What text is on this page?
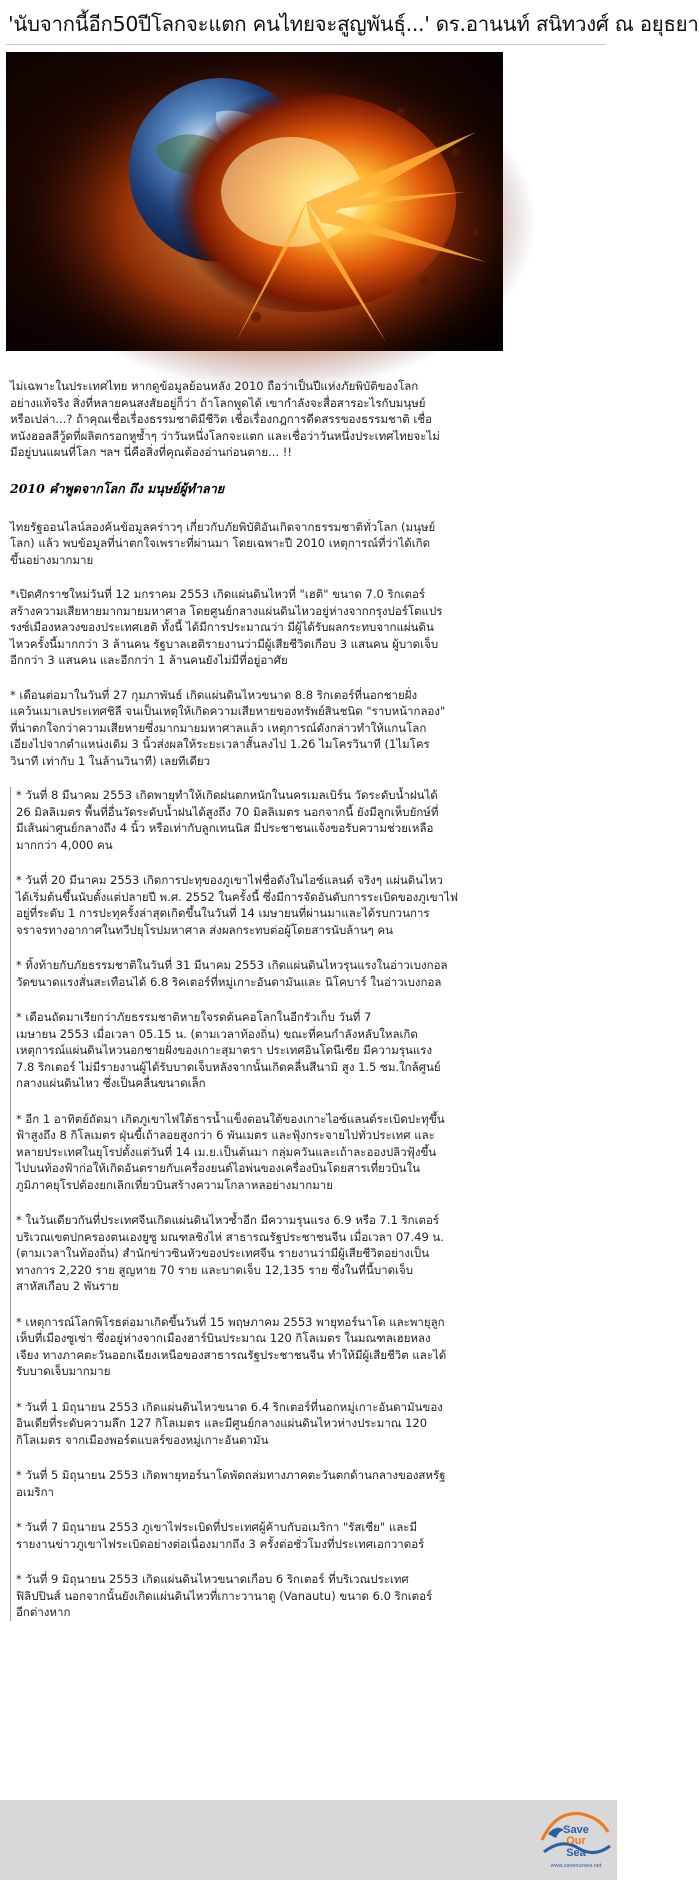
'นับจากนี้อีก50ปีโลกจะแตก คนไทยจะสูญพันธุ์...' ดร.อานนท์ สนิทวงศ์ ณ อยุธยา
ไม่เฉพาะในประเทศไทย หากดูข้อมูลย้อนหลัง 2010 ถือว่าเป็นปีแห่งภัยพิบัติของโลก
อย่างแท้จริง สิ่งที่หลายคนสงสัยอยู่ก็ว่า ถ้าโลกพูดได้ เขากำลังจะสื่อสารอะไรกับมนุษย์
หรือเปล่า...? ถ้าคุณเชื่อเรื่องธรรมชาติมีชีวิต เชื่อเรื่องกฎการดีดสรรของธรรมชาติ เชื่อ
หนังฮอลลีวู้ดที่ผลิตกรอกหูซ้ำๆ ว่าวันหนึ่งโลกจะแตก และเชื่อว่าวันหนึ่งประเทศไทยจะไม่
มีอยู่บนแผนที่โลก ฯลฯ นี่คือสิ่งที่คุณต้องอ่านก่อนตาย... !!
2010 คำพูดจากโลก ถึง มนุษย์ผู้ทำลาย
ไทยรัฐออนไลน์ลองค้นข้อมูลคร่าวๆ เกี่ยวกับภัยพิบัติอันเกิดจากธรรมชาติทั่วโลก (มนุษย์
โลก) แล้ว พบข้อมูลที่น่าตกใจเพราะที่ผ่านมา โดยเฉพาะปี 2010 เหตุการณ์ที่ว่าได้เกิด
ขึ้นอย่างมากมาย
*เปิดศักราชใหม่วันที่ 12 มกราคม 2553 เกิดแผ่นดินไหวที่ "เฮติ" ขนาด 7.0 ริกเตอร์
สร้างความเสียหายมากมายมหาศาล โดยศูนย์กลางแผ่นดินไหวอยู่ห่างจากกรุงปอร์โตแปร
รงซ์เมืองหลวงของประเทศเฮติ ทั้งนี้ ได้มีการประมาณว่า มีผู้ได้รับผลกระทบจากแผ่นดิน
ไหวครั้งนี้มากกว่า 3 ล้านคน รัฐบาลเฮติรายงานว่ามีผู้เสียชีวิตเกือบ 3 แสนคน ผู้บาดเจ็บ
อีกกว่า 3 แสนคน และอีกกว่า 1 ล้านคนยังไม่มีที่อยู่อาศัย
* เดือนต่อมาในวันที่ 27 กุมภาพันธ์ เกิดแผ่นดินไหวขนาด 8.8 ริกเตอร์ที่นอกชายฝั่ง
แคว้นเมาเลประเทศชิลี จนเป็นเหตุให้เกิดความเสียหายของทรัพย์สินชนิด "ราบหน้ากลอง"
ที่น่าตกใจกว่าความเสียหายซึ่งมากมายมหาศาลแล้ว เหตุการณ์ดังกล่าวทำให้แกนโลก
เอียงไปจากตำแหน่งเดิม 3 นิ้วส่งผลให้ระยะเวลาสั้นลงไป 1.26 ไมโครวินาที (1ไมโคร
วินาที เท่ากับ 1 ในล้านวินาที) เลยทีเดียว
* วันที่ 8 มีนาคม 2553 เกิดพายุทำให้เกิดฝนตกหนักในนครเมลเบิร์น วัดระดับน้ำฝนได้
26 มิลลิเมตร พื้นที่อื่นวัดระดับน้ำฝนได้สูงถึง 70 มิลลิเมตร นอกจากนี้ ยังมีลูกเห็บยักษ์ที่
มีเส้นผ่าศูนย์กลางถึง 4 นิ้ว หรือเท่ากับลูกเทนนิส มีประชาชนแจ้งขอรับความช่วยเหลือ
มากกว่า 4,000 คน
* วันที่ 20 มีนาคม 2553 เกิดการปะทุของภูเขาไฟชื่อดังในไอซ์แลนด์ จริงๆ แผ่นดินไหว
ได้เริ่มต้นขึ้นนับตั้งแต่ปลายปี พ.ศ. 2552 ในครั้งนี้ ซึ่งมีการจัดอันดับการระเบิดของภูเขาไฟ
อยู่ที่ระดับ 1 การปะทุครั้งล่าสุดเกิดขึ้นในวันที่ 14 เมษายนที่ผ่านมาและได้รบกวนการ
จราจรทางอากาศในทวีปยุโรปมหาศาล ส่งผลกระทบต่อผู้โดยสารนับล้านๆ คน
* ทิ้งท้ายกับภัยธรรมชาติในวันที่ 31 มีนาคม 2553 เกิดแผ่นดินไหวรุนแรงในอ่าวเบงกอล
วัดขนาดแรงสั่นสะเทือนได้ 6.8 ริคเตอร์ที่หมู่เกาะอันดามันและ นิโคบาร์ ในอ่าวเบงกอล
* เดือนถัดมาเรียกว่าภัยธรรมชาติหายใจรดต้นคอโลกในอีกรัวเก็บ วันที่ 7
เมษายน 2553 เมื่อเวลา 05.15 น. (ตามเวลาท้องถิ่น) ขณะที่คนกำลังหลับใหลเกิด
เหตุการณ์แผ่นดินไหวนอกชายฝั่งของเกาะสุมาตรา ประเทศอินโดนีเซีย มีความรุนแรง
7.8 ริกเตอร์ ไม่มีรายงานผู้ได้รับบาดเจ็บหลังจากนั้นเกิดคลื่นสึนามิ สูง 1.5 ซม.ใกล้ศูนย์
กลางแผ่นดินไหว ซึ่งเป็นคลื่นขนาดเล็ก
* อีก 1 อาทิตย์ถัดมา เกิดภูเขาไฟใต้ธารน้ำแข็งตอนใต้ของเกาะไอซ์แลนด์ระเบิดปะทุขึ้น
ฟ้าสูงถึง 8 กิโลเมตร ฝุ่นขี้เถ้าลอยสูงกว่า 6 พันเมตร และฟุ้งกระจายไปทั่วประเทศ และ
หลายประเทศในยุโรปตั้งแต่วันที่ 14 เม.ย.เป็นต้นมา กลุ่มควันและเถ้าละอองปลิวฟุ้งขึ้น
ไปบนท้องฟ้าก่อให้เกิดอันตรายกับเครื่องยนต์ไอพ่นของเครื่องบินโดยสารเที่ยวบินใน
ภูมิภาคยุโรปต้องยกเลิกเที่ยวบินสร้างความโกลาหลอย่างมากมาย
* ในวันเดียวกันที่ประเทศจีนเกิดแผ่นดินไหวซ้ำอีก มีความรุนแรง 6.9 หรือ 7.1 ริกเตอร์
บริเวณเขตปกครองตนเองยูซู มณฑลชิงไห่ สาธารณรัฐประชาชนจีน เมื่อเวลา 07.49 น.
(ตามเวลาในท้องถิ่น) สำนักข่าวซินหัวของประเทศจีน รายงานว่ามีผู้เสียชีวิตอย่างเป็น
ทางการ 2,220 ราย สูญหาย 70 ราย และบาดเจ็บ 12,135 ราย ซึ่งในที่นี้บาดเจ็บ
สาหัสเกือบ 2 พันราย
* เหตุการณ์โลกพิโรธต่อมาเกิดขึ้นวันที่ 15 พฤษภาคม 2553 พายุทอร์นาโด และพายุลูก
เห็บที่เมืองซูเซ่า ซึ่งอยู่ห่างจากเมืองฮาร์บินประมาณ 120 กิโลเมตร ในมณฑลเฮยหลง
เจียง ทางภาคตะวันออกเฉียงเหนือของสาธารณรัฐประชาชนจีน ทำให้มีผู้เสียชีวิต และได้
รับบาดเจ็บมากมาย
* วันที่ 1 มิถุนายน 2553 เกิดแผ่นดินไหวขนาด 6.4 ริกเตอร์ที่นอกหมู่เกาะอันดามันของ
อินเดียที่ระดับความลึก 127 กิโลเมตร และมีศูนย์กลางแผ่นดินไหวห่างประมาณ 120
กิโลเมตร จากเมืองพอร์ตแบลร์ของหมู่เกาะอันดามัน
* วันที่ 5 มิถุนายน 2553 เกิดพายุทอร์นาโดพัดถล่มทางภาคตะวันตกด้านกลางของสหรัฐ
อเมริกา
* วันที่ 7 มิถุนายน 2553 ภูเขาไฟระเบิดที่ประเทศผู้ค้าบกับอเมริกา "รัสเซีย" และมี
รายงานข่าวภูเขาไฟระเบิดอย่างต่อเนื่องมากถึง 3 ครั้งต่อชั่วโมงที่ประเทศเอกวาดอร์
* วันที่ 9 มิถุนายน 2553 เกิดแผ่นดินไหวขนาดเกือบ 6 ริกเตอร์ ที่บริเวณประเทศ
ฟิลิปปินส์ นอกจากนั้นยังเกิดแผ่นดินไหวที่เกาะวานาตู (Vanautu) ขนาด 6.0 ริกเตอร์
อีกต่างหาก
Save
Our
Sea
www.saveoursea.net
